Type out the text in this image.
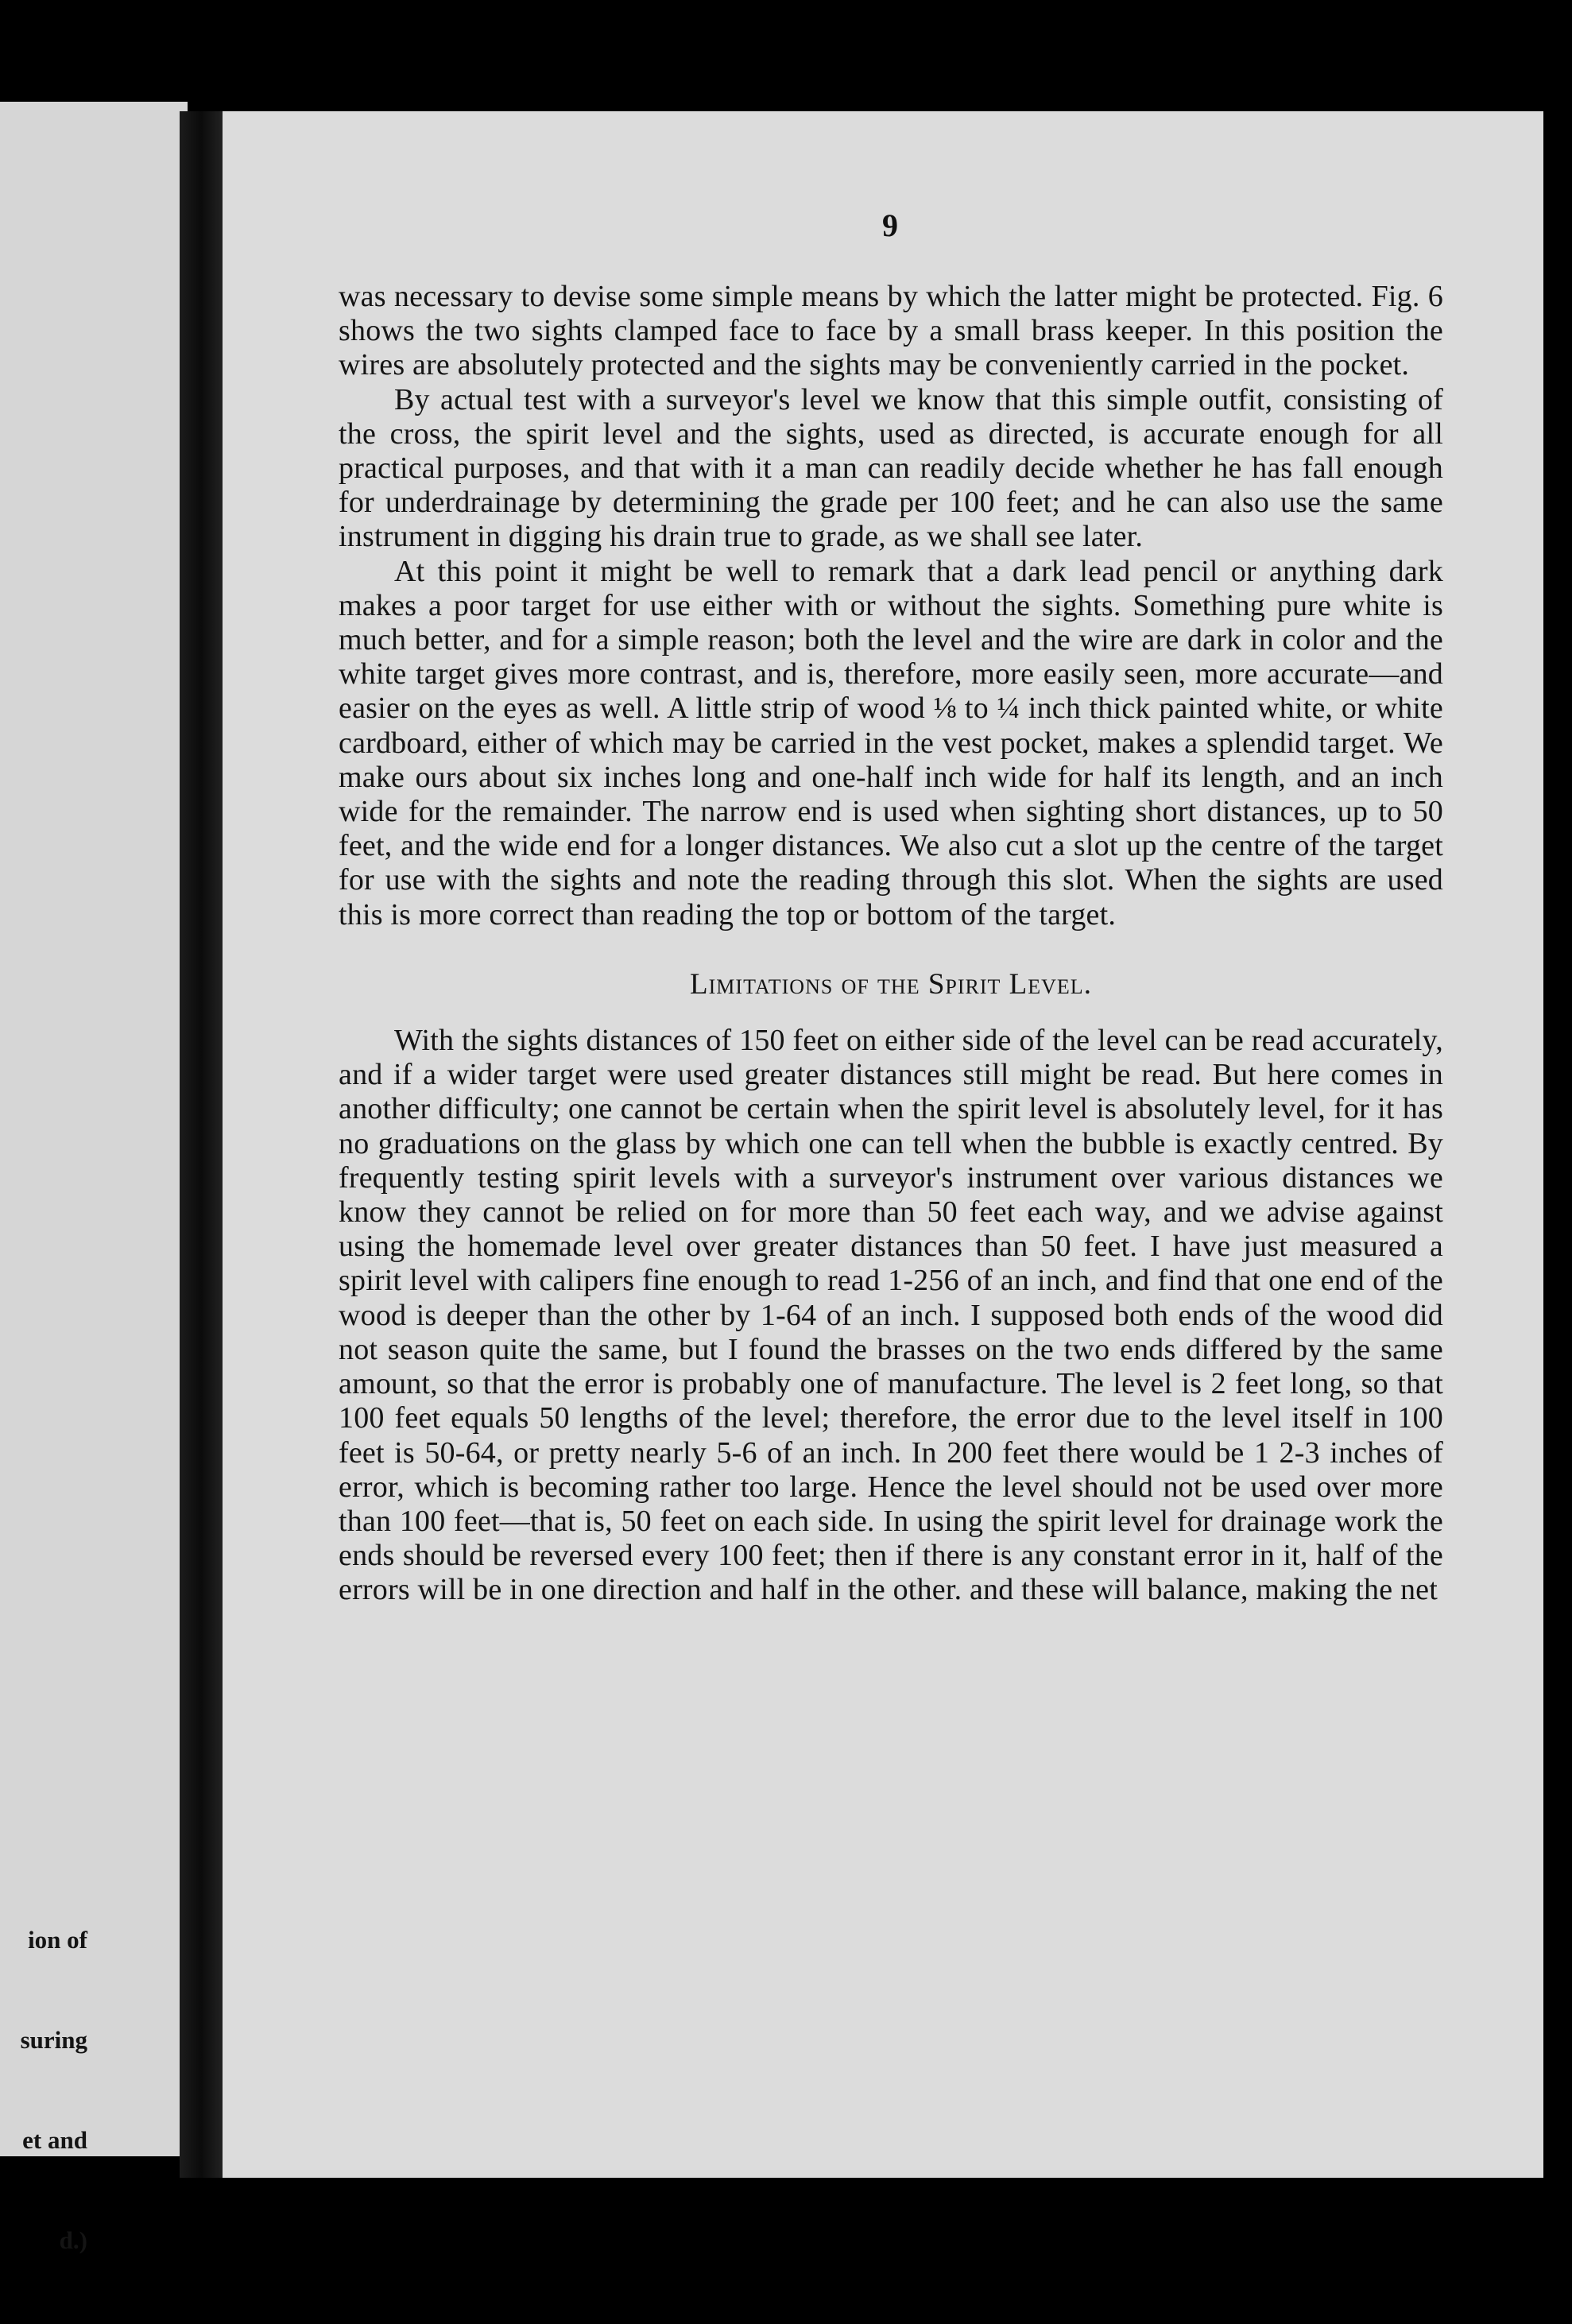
ion of

suring

et and

d.)

9

was necessary to devise some simple means by which the latter might be protected. Fig. 6 shows the two sights clamped face to face by a small brass keeper. In this position the wires are absolutely protected and the sights may be conveniently carried in the pocket.

By actual test with a surveyor's level we know that this simple outfit, consisting of the cross, the spirit level and the sights, used as directed, is accurate enough for all practical purposes, and that with it a man can readily decide whether he has fall enough for underdrainage by determining the grade per 100 feet; and he can also use the same instrument in digging his drain true to grade, as we shall see later.

At this point it might be well to remark that a dark lead pencil or anything dark makes a poor target for use either with or without the sights. Something pure white is much better, and for a simple reason; both the level and the wire are dark in color and the white target gives more contrast, and is, therefore, more easily seen, more accurate—and easier on the eyes as well. A little strip of wood ⅛ to ¼ inch thick painted white, or white cardboard, either of which may be carried in the vest pocket, makes a splendid target. We make ours about six inches long and one-half inch wide for half its length, and an inch wide for the remainder. The narrow end is used when sighting short distances, up to 50 feet, and the wide end for a longer distances. We also cut a slot up the centre of the target for use with the sights and note the reading through this slot. When the sights are used this is more correct than reading the top or bottom of the target.

Limitations of the Spirit Level.

With the sights distances of 150 feet on either side of the level can be read accurately, and if a wider target were used greater distances still might be read. But here comes in another difficulty; one cannot be certain when the spirit level is absolutely level, for it has no graduations on the glass by which one can tell when the bubble is exactly centred. By frequently testing spirit levels with a surveyor's instrument over various distances we know they cannot be relied on for more than 50 feet each way, and we advise against using the homemade level over greater distances than 50 feet. I have just measured a spirit level with calipers fine enough to read 1-256 of an inch, and find that one end of the wood is deeper than the other by 1-64 of an inch. I supposed both ends of the wood did not season quite the same, but I found the brasses on the two ends differed by the same amount, so that the error is probably one of manufacture. The level is 2 feet long, so that 100 feet equals 50 lengths of the level; therefore, the error due to the level itself in 100 feet is 50-64, or pretty nearly 5-6 of an inch. In 200 feet there would be 1 2-3 inches of error, which is becoming rather too large. Hence the level should not be used over more than 100 feet—that is, 50 feet on each side. In using the spirit level for drainage work the ends should be reversed every 100 feet; then if there is any constant error in it, half of the errors will be in one direction and half in the other. and these will balance, making the net
